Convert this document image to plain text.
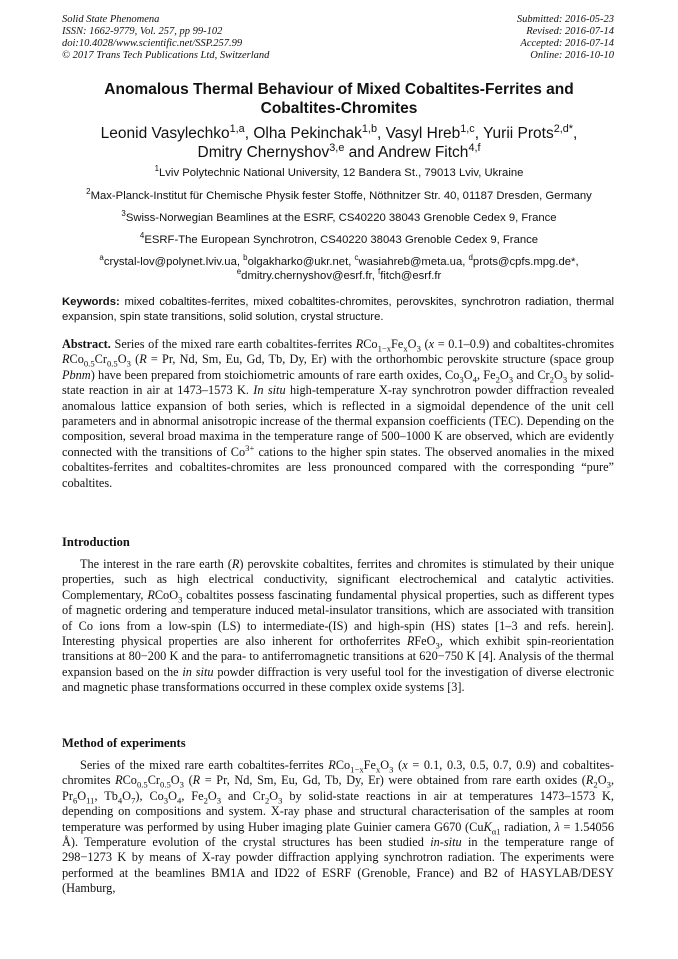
Solid State Phenomena
ISSN: 1662-9779, Vol. 257, pp 99-102
doi:10.4028/www.scientific.net/SSP.257.99
© 2017 Trans Tech Publications Ltd, Switzerland
Submitted: 2016-05-23
Revised: 2016-07-14
Accepted: 2016-07-14
Online: 2016-10-10
Anomalous Thermal Behaviour of Mixed Cobaltites-Ferrites and
Cobaltites-Chromites
Leonid Vasylechko$^{1,a}$, Olha Pekinchak$^{1,b}$, Vasyl Hreb$^{1,c}$, Yurii Prots$^{2,d*}$,
Dmitry Chernyshov$^{3,e}$ and Andrew Fitch$^{4,f}$
$^1$Lviv Polytechnic National University, 12 Bandera St., 79013 Lviv, Ukraine
$^2$Max-Planck-Institut für Chemische Physik fester Stoffe, Nöthnitzer Str. 40, 01187 Dresden, Germany
$^3$Swiss-Norwegian Beamlines at the ESRF, CS40220 38043 Grenoble Cedex 9, France
$^4$ESRF-The European Synchrotron, CS40220 38043 Grenoble Cedex 9, France
$^a$crystal-lov@polynet.lviv.ua, $^b$olgakharko@ukr.net, $^c$wasiahreb@meta.ua, $^d$prots@cpfs.mpg.de*,
$^e$dmitry.chernyshov@esrf.fr, $^f$fitch@esrf.fr
Keywords: mixed cobaltites-ferrites, mixed cobaltites-chromites, perovskites, synchrotron radiation, thermal expansion, spin state transitions, solid solution, crystal structure.
Abstract. Series of the mixed rare earth cobaltites-ferrites $RCo_{1-x}Fe_xO_3$ (x = 0.1–0.9) and cobaltites-chromites $RCo_{0.5}Cr_{0.5}O_3$ (R = Pr, Nd, Sm, Eu, Gd, Tb, Dy, Er) with the orthorhombic perovskite structure (space group Pbnm) have been prepared from stoichiometric amounts of rare earth oxides, $Co_3O_4$, $Fe_2O_3$ and $Cr_2O_3$ by solid-state reaction in air at 1473–1573 K. In situ high-temperature X-ray synchrotron powder diffraction revealed anomalous lattice expansion of both series, which is reflected in a sigmoidal dependence of the unit cell parameters and in abnormal anisotropic increase of the thermal expansion coefficients (TEC). Depending on the composition, several broad maxima in the temperature range of 500–1000 K are observed, which are evidently connected with the transitions of $Co^{3+}$ cations to the higher spin states. The observed anomalies in the mixed cobaltites-ferrites and cobaltites-chromites are less pronounced compared with the corresponding “pure” cobaltites.
Introduction
The interest in the rare earth (R) perovskite cobaltites, ferrites and chromites is stimulated by their unique properties, such as high electrical conductivity, significant electrochemical and catalytic activities. Complementary, RCoO$_3$ cobaltites possess fascinating fundamental physical properties, such as different types of magnetic ordering and temperature induced metal-insulator transitions, which are associated with transition of Co ions from a low-spin (LS) to intermediate-(IS) and high-spin (HS) states [1–3 and refs. herein]. Interesting physical properties are also inherent for orthoferrites RFeO$_3$, which exhibit spin-reorientation transitions at 80−200 K and the para- to antiferromagnetic transitions at 620−750 K [4]. Analysis of the thermal expansion based on the in situ powder diffraction is very useful tool for the investigation of diverse electronic and magnetic phase transformations occurred in these complex oxide systems [3].
Method of experiments
Series of the mixed rare earth cobaltites-ferrites $RCo_{1-x}Fe_xO_3$ (x = 0.1, 0.3, 0.5, 0.7, 0.9) and cobaltites-chromites $RCo_{0.5}Cr_{0.5}O_3$ (R = Pr, Nd, Sm, Eu, Gd, Tb, Dy, Er) were obtained from rare earth oxides ($R_2O_3$, $Pr_6O_{11}$, $Tb_4O_7$), $Co_3O_4$, $Fe_2O_3$ and $Cr_2O_3$ by solid-state reactions in air at temperatures 1473–1573 K, depending on compositions and system. X-ray phase and structural characterisation of the samples at room temperature was performed by using Huber imaging plate Guinier camera G670 (CuK$_{\alpha 1}$ radiation, λ = 1.54056 Å). Temperature evolution of the crystal structures has been studied in-situ in the temperature range of 298−1273 K by means of X-ray powder diffraction applying synchrotron radiation. The experiments were performed at the beamlines BM1A and ID22 of ESRF (Grenoble, France) and B2 of HASYLAB/DESY (Hamburg,
